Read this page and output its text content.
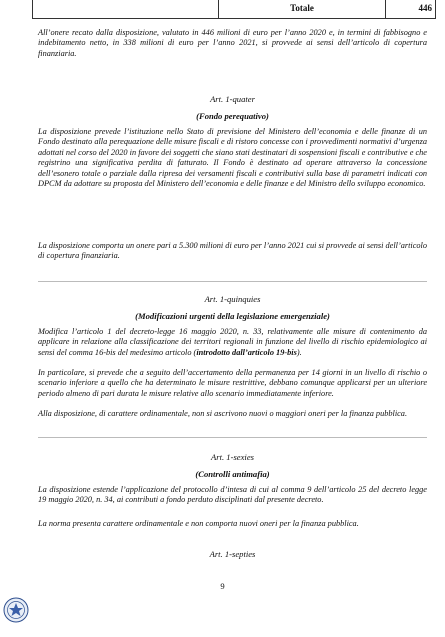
Totale	446
All’onere recato dalla disposizione, valutato in 446 milioni di euro per l’anno 2020 e, in termini di fabbisogno e indebitamento netto, in 338 milioni di euro per l’anno 2021, si provvede ai sensi dell’articolo di copertura finanziaria.
Art. 1-quater
(Fondo perequativo)
La disposizione prevede l’istituzione nello Stato di previsione del Ministero dell’economia e delle finanze di un Fondo destinato alla perequazione delle misure fiscali e di ristoro concesse con i provvedimenti normativi d’urgenza adottati nel corso del 2020 in favore dei soggetti che siano stati destinatari di sospensioni fiscali e contributive e che registrino una significativa perdita di fatturato. Il Fondo è destinato ad operare attraverso la concessione dell’esonero totale o parziale dalla ripresa dei versamenti fiscali e contributivi sulla base di parametri indicati con DPCM da adottare su proposta del Ministero dell’economia e delle finanze e del Ministro dello sviluppo economico.
La disposizione comporta un onere pari a 5.300 milioni di euro per l’anno 2021 cui si provvede ai sensi dell’articolo di copertura finanziaria.
Art. 1-quinquies
(Modificazioni urgenti della legislazione emergenziale)
Modifica l’articolo 1 del decreto-legge 16 maggio 2020, n. 33, relativamente alle misure di contenimento da applicare in relazione alla classificazione dei territori regionali in funzione del livello di rischio epidemiologico ai sensi del comma 16-bis del medesimo articolo (introdotto dall’articolo 19-bis).
In particolare, si prevede che a seguito dell’accertamento della permanenza per 14 giorni in un livello di rischio o scenario inferiore a quello che ha determinato le misure restrittive, debbano comunque applicarsi per un ulteriore periodo almeno di pari durata le misure relative allo scenario immediatamente inferiore.
Alla disposizione, di carattere ordinamentale, non si ascrivono nuovi o maggiori oneri per la finanza pubblica.
Art. 1-sexies
(Controlli antimafia)
La disposizione estende l’applicazione del protocollo d’intesa di cui al comma 9 dell’articolo 25 del decreto legge 19 maggio 2020, n. 34, ai contributi a fondo perduto disciplinati dal presente decreto.
La norma presenta carattere ordinamentale e non comporta nuovi oneri per la finanza pubblica.
Art. 1-septies
9
